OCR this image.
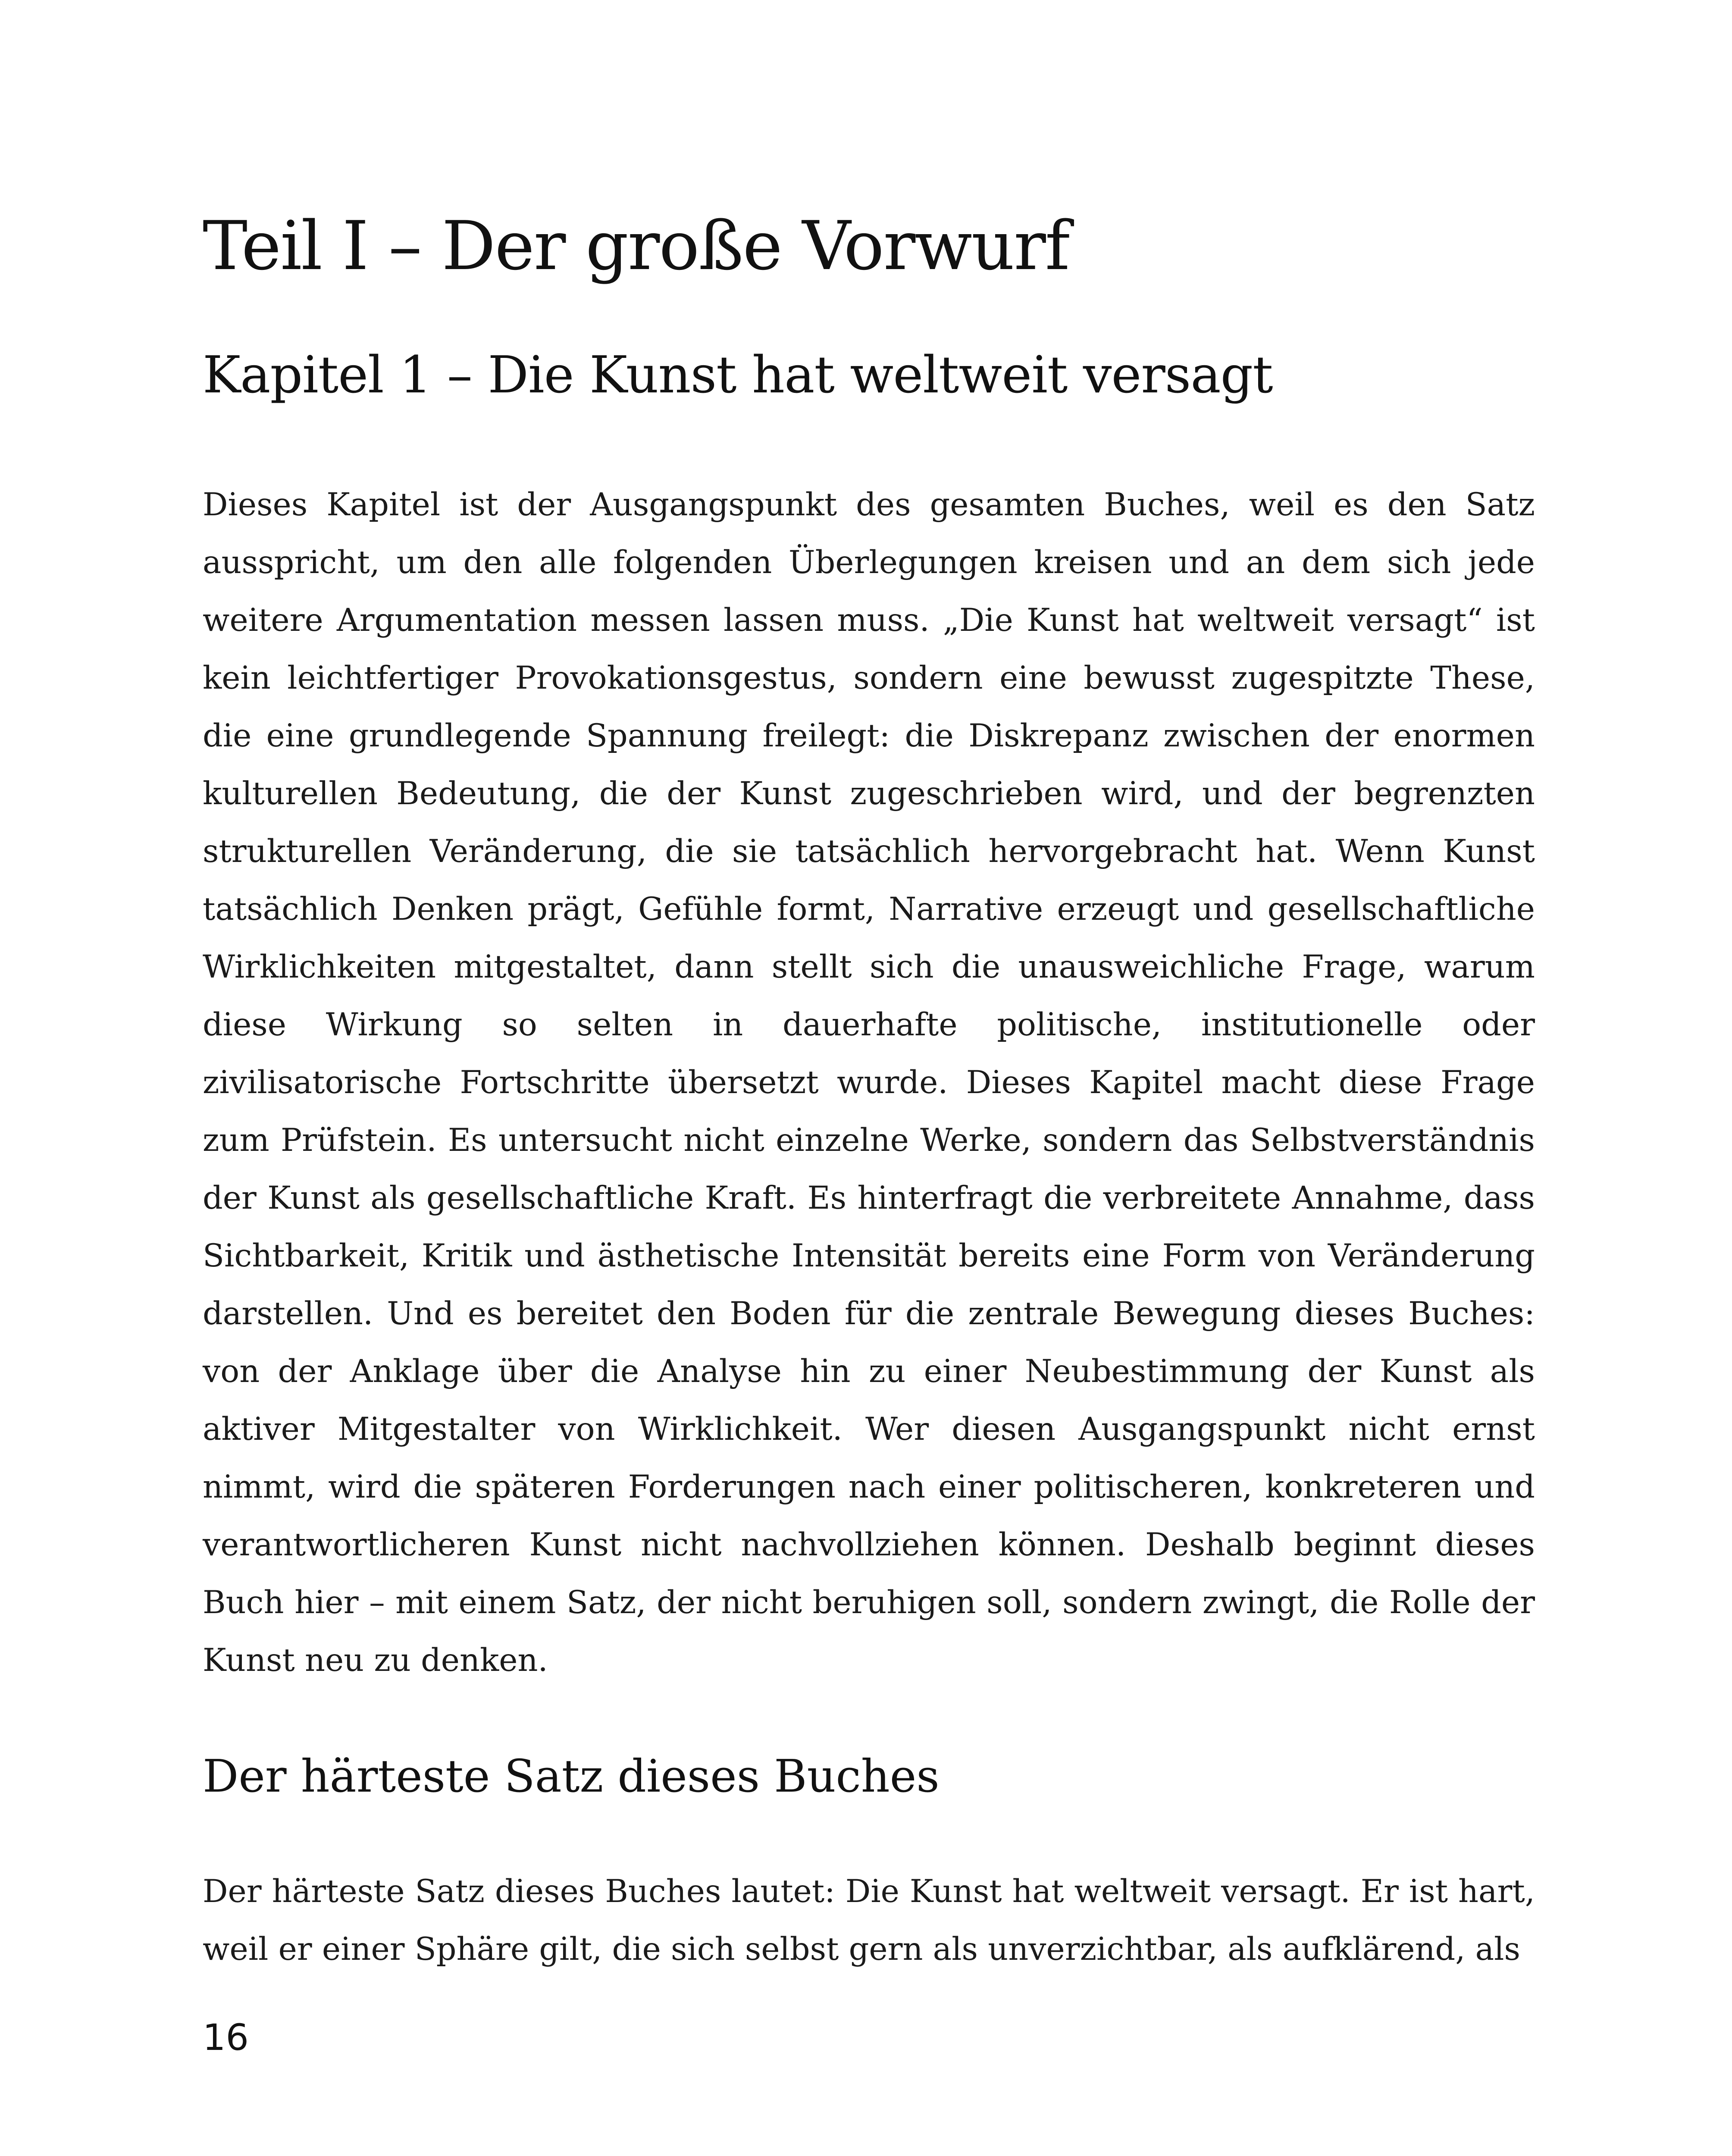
Teil I – Der große Vorwurf
Kapitel 1 – Die Kunst hat weltweit versagt

Dieses Kapitel ist der Ausgangspunkt des gesamten Buches, weil es den Satz ausspricht, um den alle folgenden Überlegungen kreisen und an dem sich jede weitere Argumentation messen lassen muss. „Die Kunst hat weltweit versagt“ ist kein leichtfertiger Provokationsgestus, sondern eine bewusst zugespitzte These, die eine grundlegende Spannung freilegt: die Diskrepanz zwischen der enormen kulturellen Bedeutung, die der Kunst zugeschrieben wird, und der begrenzten strukturellen Veränderung, die sie tatsächlich hervorgebracht hat. Wenn Kunst tatsächlich Denken prägt, Gefühle formt, Narrative erzeugt und gesellschaftliche Wirklichkeiten mitgestaltet, dann stellt sich die unausweichliche Frage, warum diese Wirkung so selten in dauerhafte politische, institutionelle oder zivilisatorische Fortschritte übersetzt wurde. Dieses Kapitel macht diese Frage zum Prüfstein. Es untersucht nicht einzelne Werke, sondern das Selbstverständnis der Kunst als gesellschaftliche Kraft. Es hinterfragt die verbreitete Annahme, dass Sichtbarkeit, Kritik und ästhetische Intensität bereits eine Form von Veränderung darstellen. Und es bereitet den Boden für die zentrale Bewegung dieses Buches: von der Anklage über die Analyse hin zu einer Neubestimmung der Kunst als aktiver Mitgestalter von Wirklichkeit. Wer diesen Ausgangspunkt nicht ernst nimmt, wird die späteren Forderungen nach einer politischeren, konkreteren und verantwortlicheren Kunst nicht nachvollziehen können. Deshalb beginnt dieses Buch hier – mit einem Satz, der nicht beruhigen soll, sondern zwingt, die Rolle der Kunst neu zu denken.

Der härteste Satz dieses Buches

Der härteste Satz dieses Buches lautet: Die Kunst hat weltweit versagt. Er ist hart, weil er einer Sphäre gilt, die sich selbst gern als unverzichtbar, als aufklärend, als

16
